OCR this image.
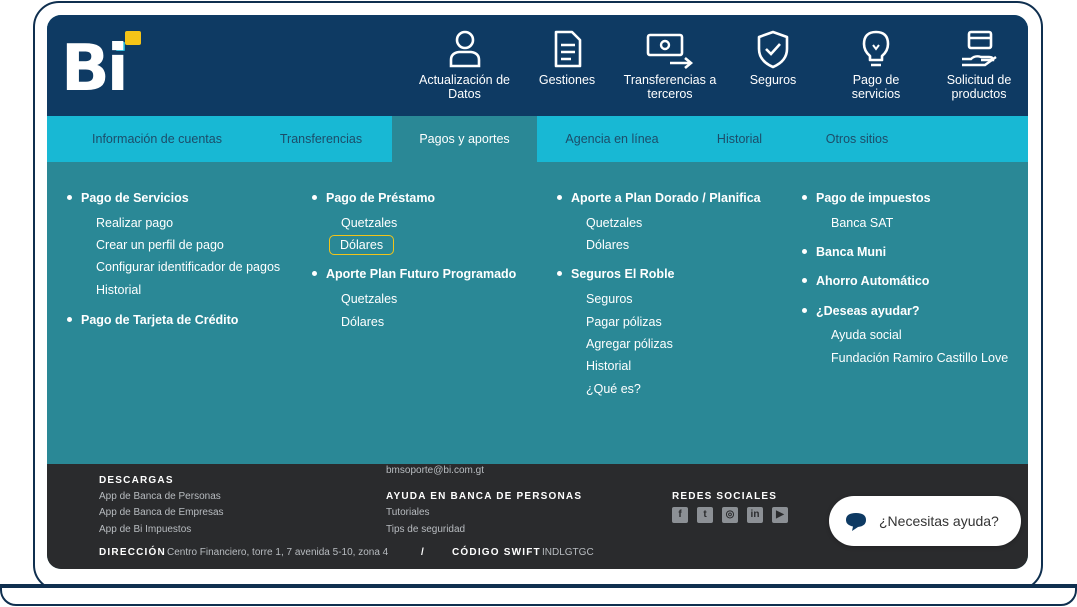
Bi	Actualización de
Datos
Gestiones Transferencias a
terceros
Seguros	Pago de
servicios
Solicitud de
productos
Información de cuentas	Transferencias	Pagos y aportes	Agencia en línea	Historial	Otros sitios
Pago de Servicios
Realizar pago
Crear un perfil de pago
Configurar identificador de pagos
Historial
Pago de Tarjeta de Crédito
Pago de Préstamo
Quetzales
Dólares
Aporte Plan Futuro Programado
Quetzales
Dólares
Aporte a Plan Dorado / Planifica
Quetzales
Dólares
Seguros El Roble
Seguros
Pagar pólizas
Agregar pólizas
Historial
¿Qué es?
Pago de impuestos
Banca SAT
Banca Muni
Ahorro Automático
¿Deseas ayudar?
Ayuda social
Fundación Ramiro Castillo Love
bmsoporte@bi.com.gt
DESCARGAS
App de Banca de Personas
App de Banca de Empresas
App de Bi Impuestos
AYUDA EN BANCA DE PERSONAS
Tutoriales
Tips de seguridad
REDES SOCIALES
f	t	◎	in	▶
DIRECCIÓN Centro Financiero, torre 1, 7 avenida 5-10, zona 4	/	CÓDIGO SWIFT INDLGTGC
¿Necesitas ayuda?
